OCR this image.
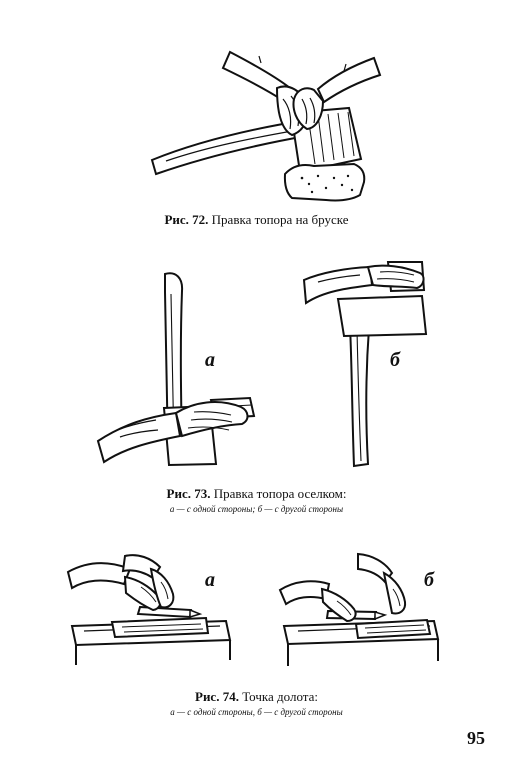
Рис. 72. Правка топора на бруске
а	б
Рис. 73. Правка топора оселком:
а — с одной стороны; б — с другой стороны
а	б
Рис. 74. Точка долота:
а — с одной стороны, б — с другой стороны
95
